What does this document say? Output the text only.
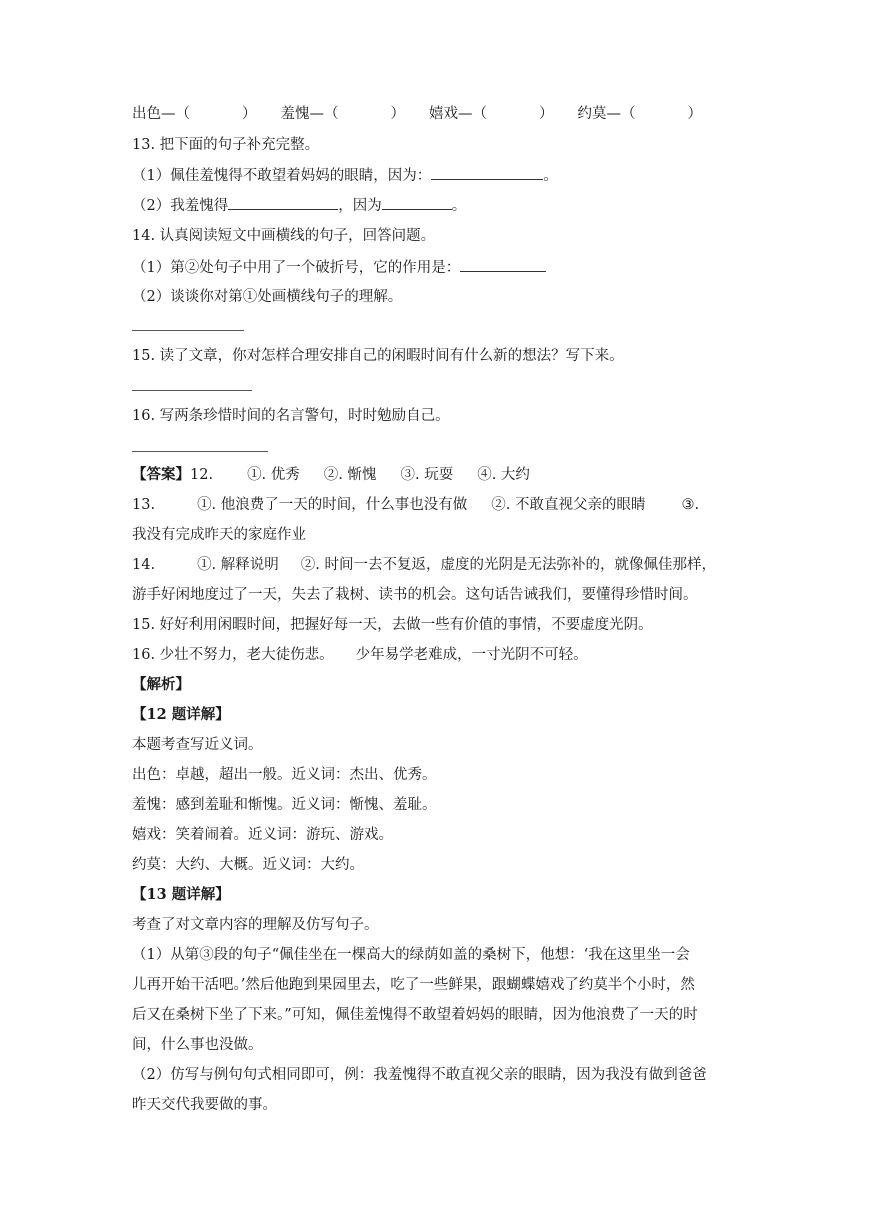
出色—（	） 羞愧—（	） 嬉戏—（	） 约莫—（	）
13. 把下面的句子补充完整。
（1）佩佳羞愧得不敢望着妈妈的眼睛，因为：	。
（2）我羞愧得	，因为	。
14. 认真阅读短文中画横线的句子，回答问题。
（1）第②处句子中用了一个破折号，它的作用是：
（2）谈谈你对第①处画横线句子的理解。
15. 读了文章，你对怎样合理安排自己的闲暇时间有什么新的想法？写下来。
16. 写两条珍惜时间的名言警句，时时勉励自己。
【答案】12. ①. 优秀 ②. 惭愧 ③. 玩耍 ④. 大约
13.	①. 他浪费了一天的时间，什么事也没有做 ②. 不敢直视父亲的眼睛 ③.
我没有完成昨天的家庭作业
14.	①. 解释说明 ②. 时间一去不复返，虚度的光阴是无法弥补的，就像佩佳那样，
游手好闲地度过了一天，失去了栽树、读书的机会。这句话告诫我们，要懂得珍惜时间。
15. 好好利用闲暇时间，把握好每一天，去做一些有价值的事情，不要虚度光阴。
16. 少壮不努力，老大徒伤悲。 少年易学老难成，一寸光阴不可轻。
【解析】
【12 题详解】
本题考查写近义词。
出色：卓越，超出一般。近义词：杰出、优秀。
羞愧：感到羞耻和惭愧。近义词：惭愧、羞耻。
嬉戏：笑着闹着。近义词：游玩、游戏。
约莫：大约、大概。近义词：大约。
【13 题详解】
考查了对文章内容的理解及仿写句子。
（1）从第③段的句子“佩佳坐在一棵高大的绿荫如盖的桑树下，他想：‘我在这里坐一会
儿再开始干活吧。’然后他跑到果园里去，吃了一些鲜果，跟蝴蝶嬉戏了约莫半个小时，然
后又在桑树下坐了下来。”可知，佩佳羞愧得不敢望着妈妈的眼睛，因为他浪费了一天的时
间，什么事也没做。
（2）仿写与例句句式相同即可，例：我羞愧得不敢直视父亲的眼睛，因为我没有做到爸爸
昨天交代我要做的事。
